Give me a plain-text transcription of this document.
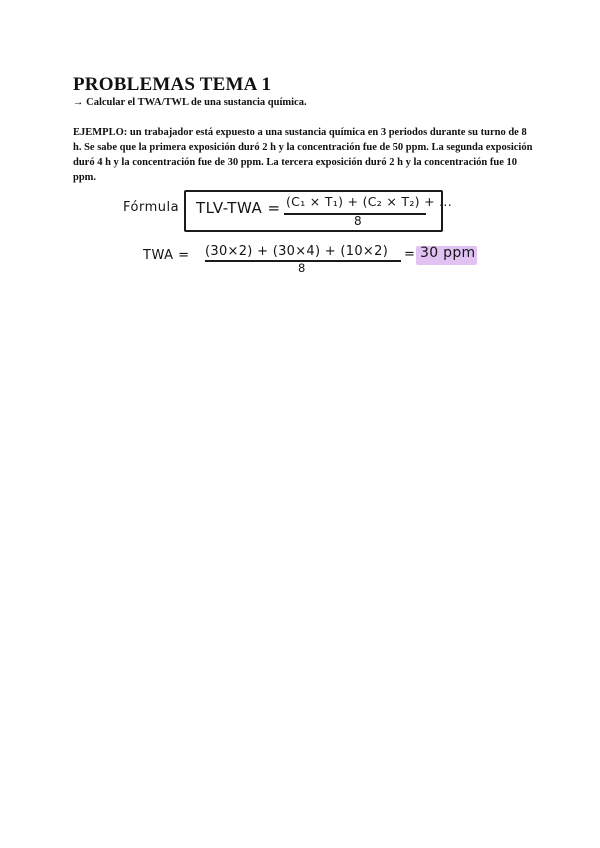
PROBLEMAS TEMA 1
→ Calcular el TWA/TWL de una sustancia química.
EJEMPLO: un trabajador está expuesto a una sustancia química en 3 periodos durante su turno de 8 h. Se sabe que la primera exposición duró 2 h y la concentración fue de 50 ppm. La segunda exposición duró 4 h y la concentración fue de 30 ppm. La tercera exposición duró 2 h y la concentración fue 10 ppm.
Fórmula TLV-TWA = (C₁ × T₁) + (C₂ × T₂) + ...
8
TWA = (30×2) + (30×4) + (10×2)
8
= 30 ppm
